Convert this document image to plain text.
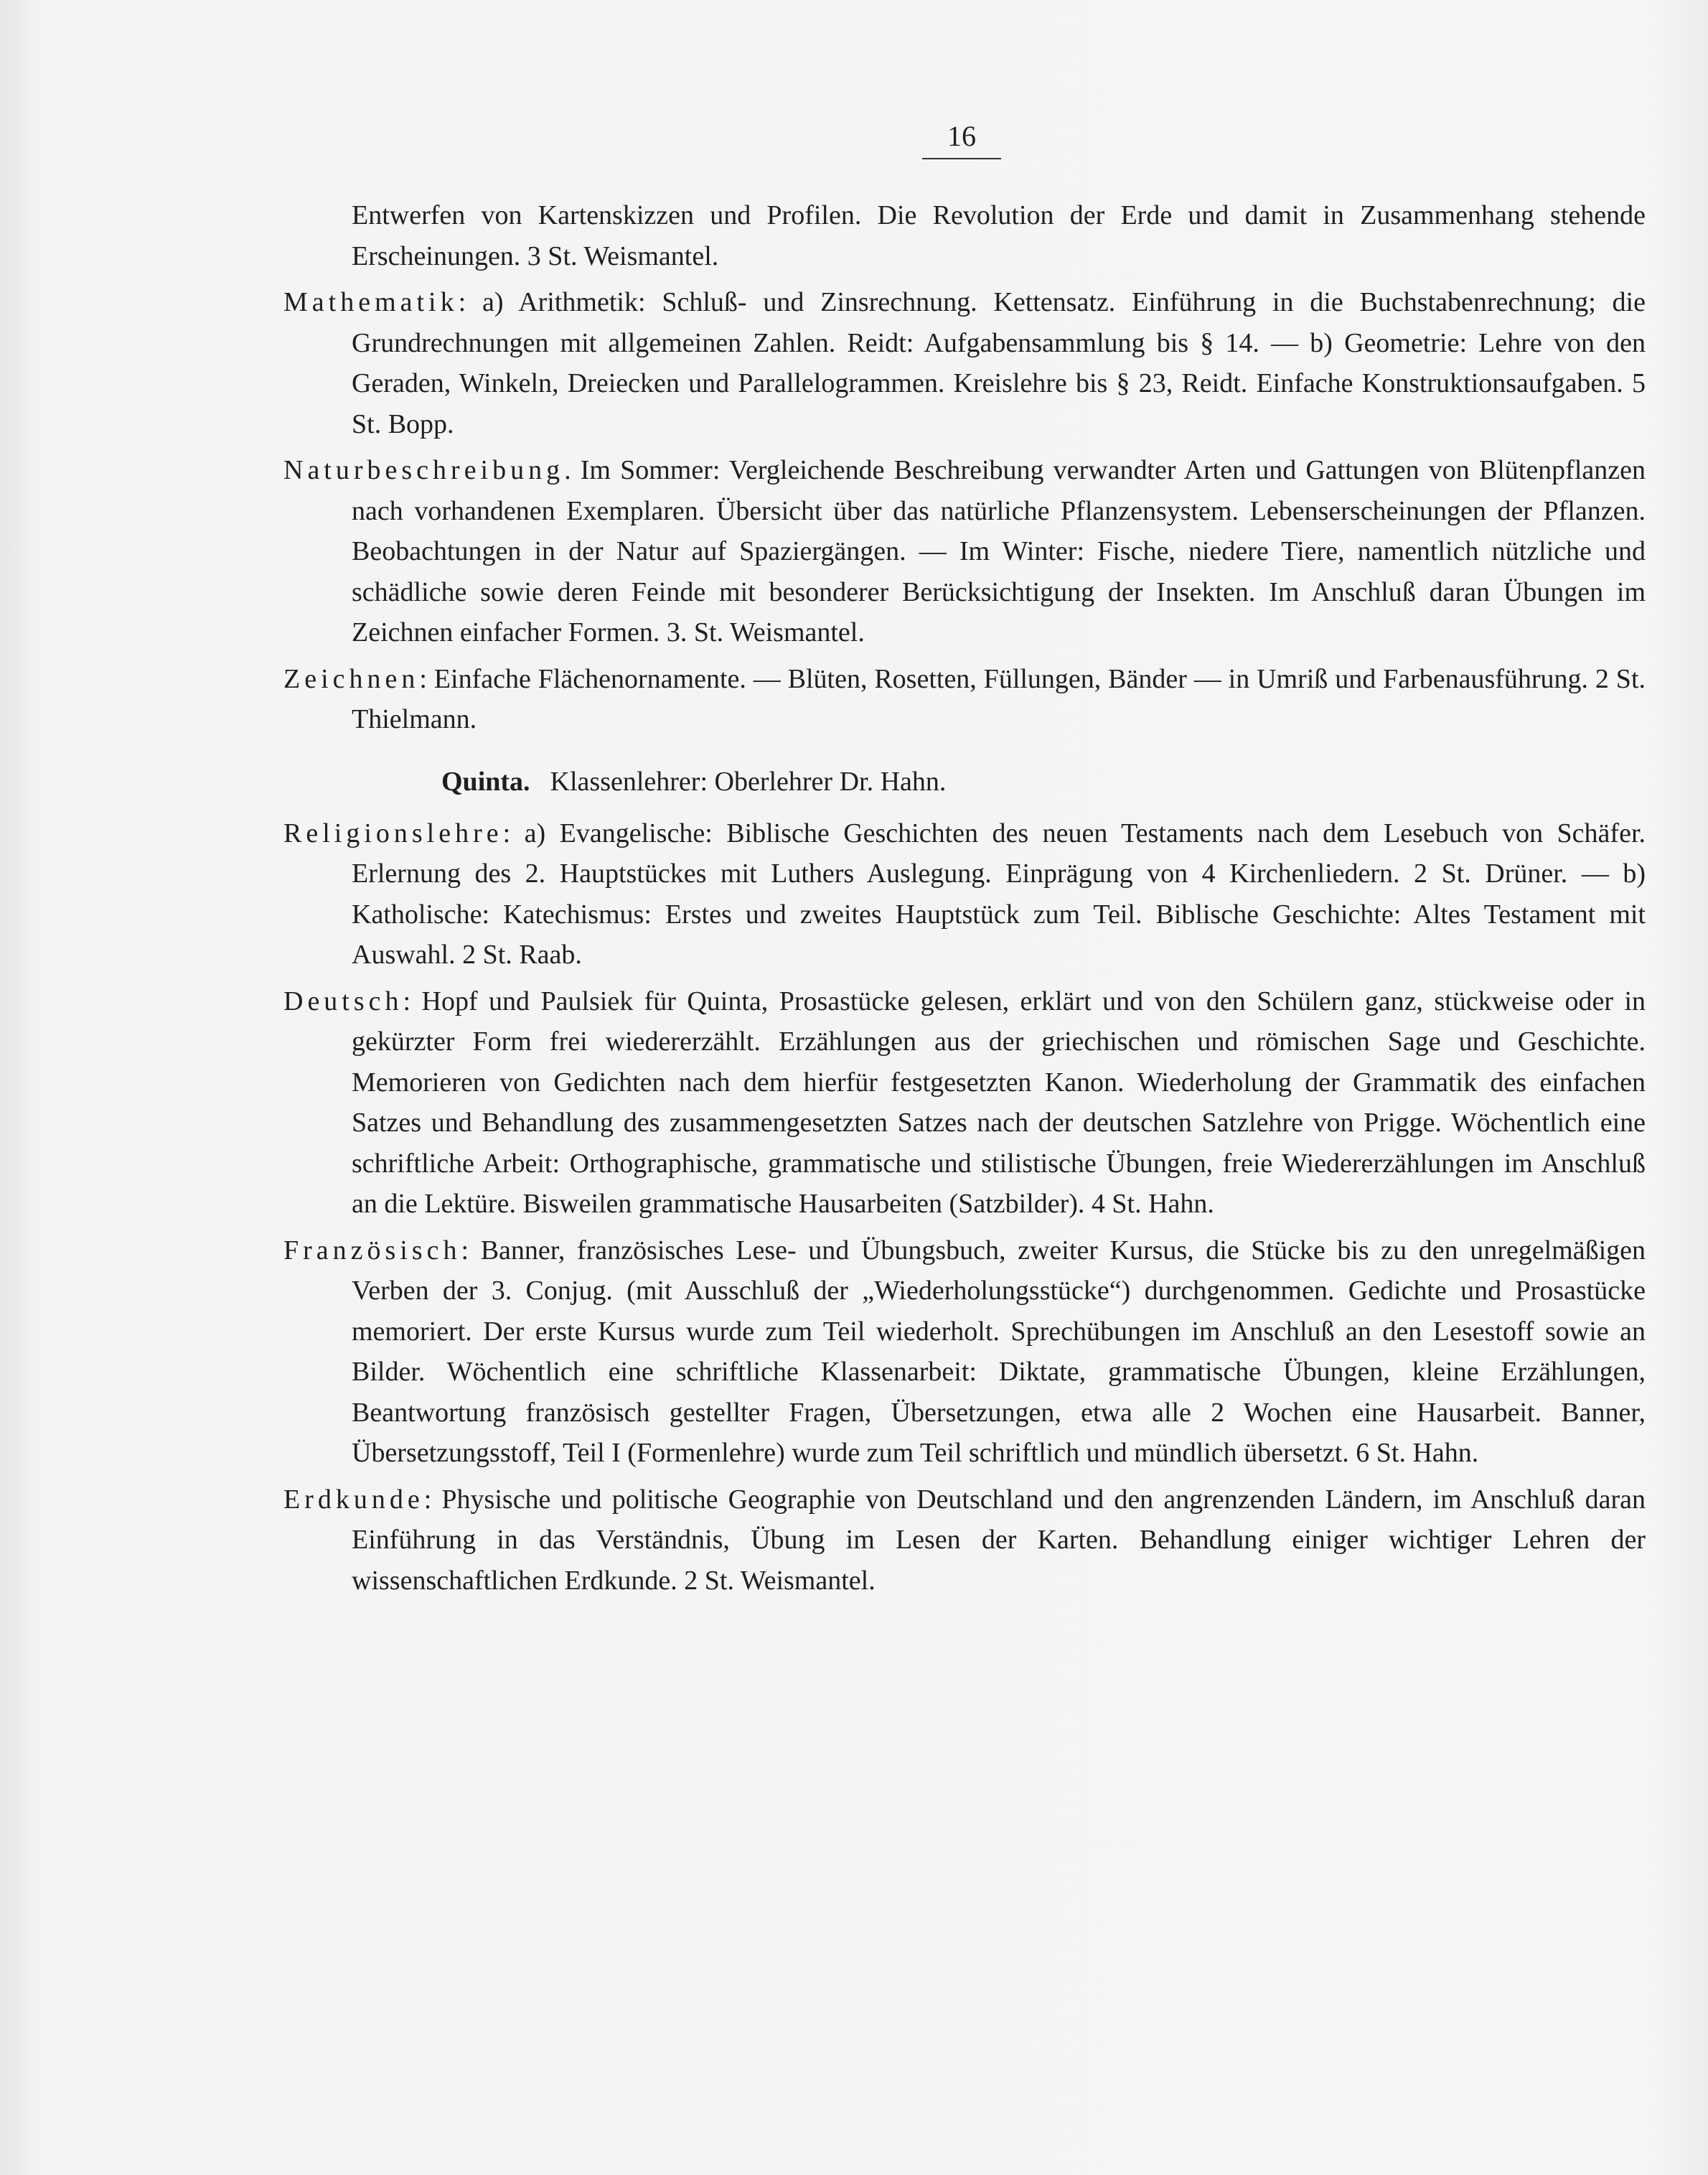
16

Entwerfen von Kartenskizzen und Profilen. Die Revolution der Erde und damit in Zusammenhang stehende Erscheinungen. 3 St. Weismantel.

Mathematik: a) Arithmetik: Schluß- und Zinsrechnung. Kettensatz. Einführung in die Buchstabenrechnung; die Grundrechnungen mit allgemeinen Zahlen. Reidt: Aufgabensammlung bis § 14. — b) Geometrie: Lehre von den Geraden, Winkeln, Dreiecken und Parallelogrammen. Kreislehre bis § 23, Reidt. Einfache Konstruktionsaufgaben. 5 St. Bopp.

Naturbeschreibung. Im Sommer: Vergleichende Beschreibung verwandter Arten und Gattungen von Blütenpflanzen nach vorhandenen Exemplaren. Übersicht über das natürliche Pflanzensystem. Lebenserscheinungen der Pflanzen. Beobachtungen in der Natur auf Spaziergängen. — Im Winter: Fische, niedere Tiere, namentlich nützliche und schädliche sowie deren Feinde mit besonderer Berücksichtigung der Insekten. Im Anschluß daran Übungen im Zeichnen einfacher Formen. 3. St. Weismantel.

Zeichnen: Einfache Flächenornamente. — Blüten, Rosetten, Füllungen, Bänder — in Umriß und Farbenausführung. 2 St. Thielmann.

Quinta. Klassenlehrer: Oberlehrer Dr. Hahn.

Religionslehre: a) Evangelische: Biblische Geschichten des neuen Testaments nach dem Lesebuch von Schäfer. Erlernung des 2. Hauptstückes mit Luthers Auslegung. Einprägung von 4 Kirchenliedern. 2 St. Drüner. — b) Katholische: Katechismus: Erstes und zweites Hauptstück zum Teil. Biblische Geschichte: Altes Testament mit Auswahl. 2 St. Raab.

Deutsch: Hopf und Paulsiek für Quinta, Prosastücke gelesen, erklärt und von den Schülern ganz, stückweise oder in gekürzter Form frei wiedererzählt. Erzählungen aus der griechischen und römischen Sage und Geschichte. Memorieren von Gedichten nach dem hierfür festgesetzten Kanon. Wiederholung der Grammatik des einfachen Satzes und Behandlung des zusammengesetzten Satzes nach der deutschen Satzlehre von Prigge. Wöchentlich eine schriftliche Arbeit: Orthographische, grammatische und stilistische Übungen, freie Wiedererzählungen im Anschluß an die Lektüre. Bisweilen grammatische Hausarbeiten (Satzbilder). 4 St. Hahn.

Französisch: Banner, französisches Lese- und Übungsbuch, zweiter Kursus, die Stücke bis zu den unregelmäßigen Verben der 3. Conjug. (mit Ausschluß der „Wiederholungsstücke“) durchgenommen. Gedichte und Prosastücke memoriert. Der erste Kursus wurde zum Teil wiederholt. Sprechübungen im Anschluß an den Lesestoff sowie an Bilder. Wöchentlich eine schriftliche Klassenarbeit: Diktate, grammatische Übungen, kleine Erzählungen, Beantwortung französisch gestellter Fragen, Übersetzungen, etwa alle 2 Wochen eine Hausarbeit. Banner, Übersetzungsstoff, Teil I (Formenlehre) wurde zum Teil schriftlich und mündlich übersetzt. 6 St. Hahn.

Erdkunde: Physische und politische Geographie von Deutschland und den angrenzenden Ländern, im Anschluß daran Einführung in das Verständnis, Übung im Lesen der Karten. Behandlung einiger wichtiger Lehren der wissenschaftlichen Erdkunde. 2 St. Weismantel.
